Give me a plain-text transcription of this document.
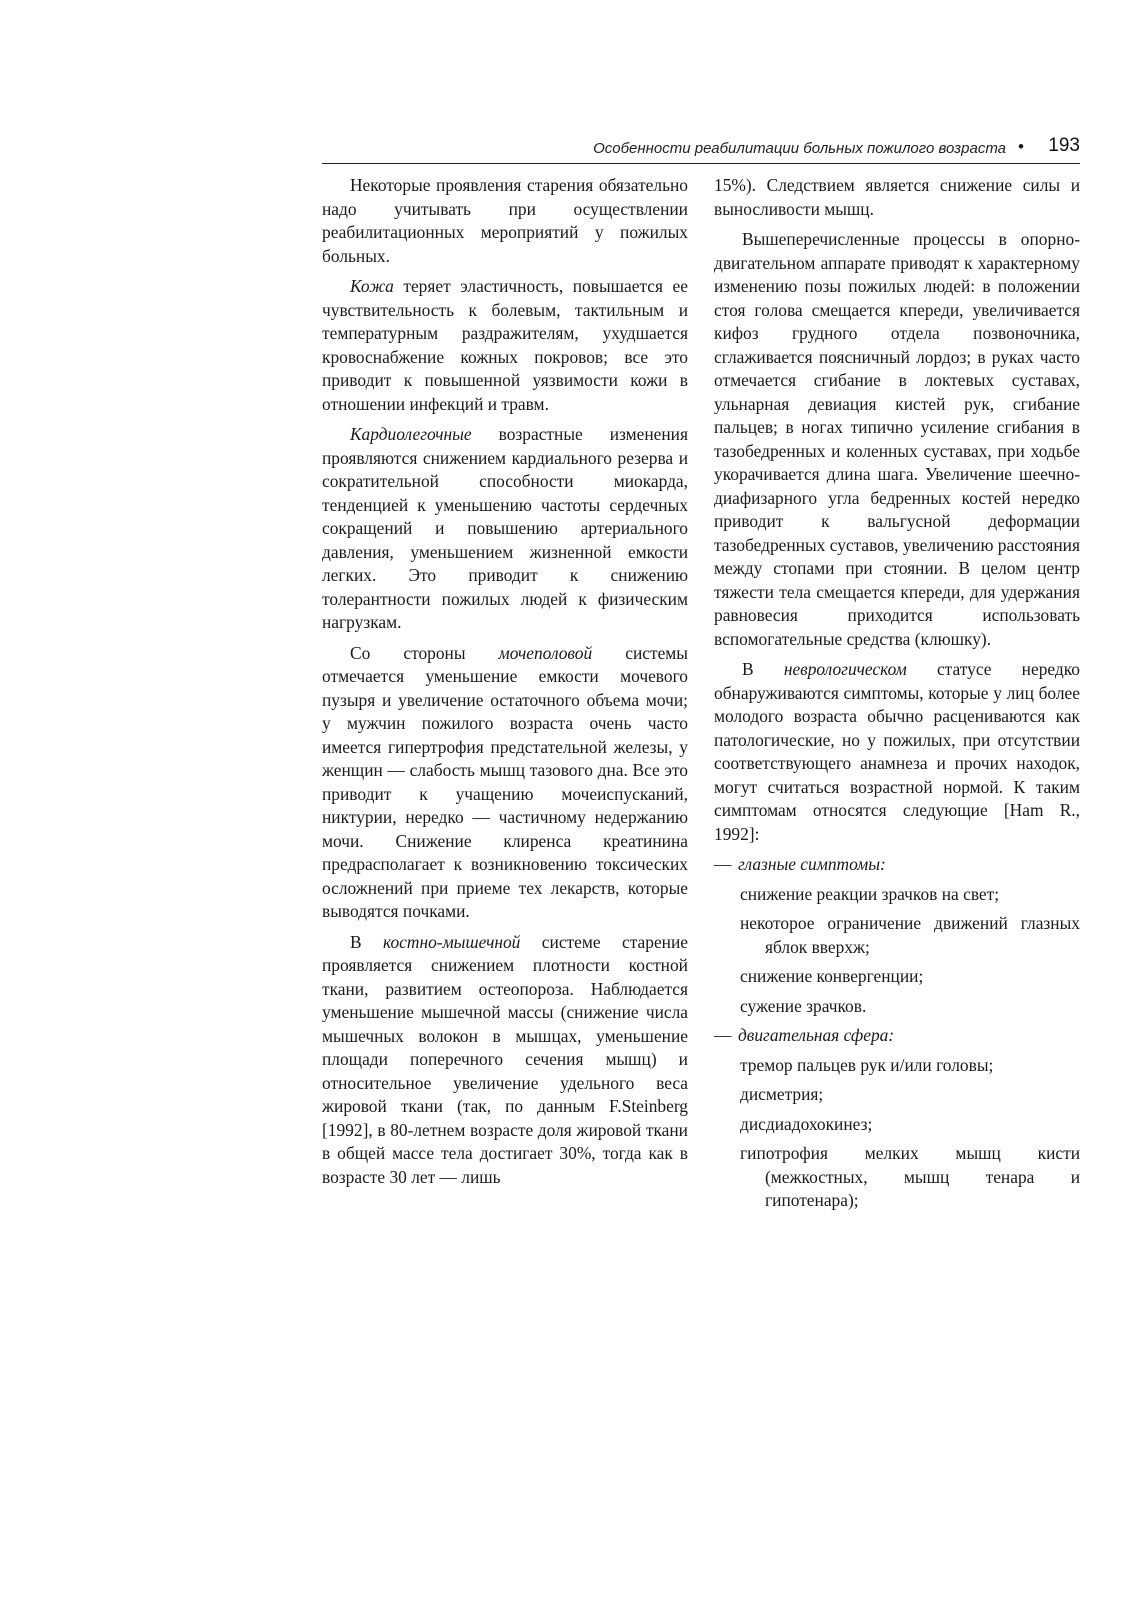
Особенности реабилитации больных пожилого возраста • 193

Некоторые проявления старения обязательно надо учитывать при осуществлении реабилитационных мероприятий у пожилых больных.

Кожа теряет эластичность, повышается ее чувствительность к болевым, тактильным и температурным раздражителям, ухудшается кровоснабжение кожных покровов; все это приводит к повышенной уязвимости кожи в отношении инфекций и травм.

Кардиолегочные возрастные изменения проявляются снижением кардиального резерва и сократительной способности миокарда, тенденцией к уменьшению частоты сердечных сокращений и повышению артериального давления, уменьшением жизненной емкости легких. Это приводит к снижению толерантности пожилых людей к физическим нагрузкам.

Со стороны мочеполовой системы отмечается уменьшение емкости мочевого пузыря и увеличение остаточного объема мочи; у мужчин пожилого возраста очень часто имеется гипертрофия предстательной железы, у женщин — слабость мышц тазового дна. Все это приводит к учащению мочеиспусканий, никтурии, нередко — частичному недержанию мочи. Снижение клиренса креатинина предрасполагает к возникновению токсических осложнений при приеме тех лекарств, которые выводятся почками.

В костно-мышечной системе старение проявляется снижением плотности костной ткани, развитием остеопороза. Наблюдается уменьшение мышечной массы (снижение числа мышечных волокон в мышцах, уменьшение площади поперечного сечения мышц) и относительное увеличение удельного веса жировой ткани (так, по данным F.Steinberg [1992], в 80-летнем возрасте доля жировой ткани в общей массе тела достигает 30%, тогда как в возрасте 30 лет — лишь

15%). Следствием является снижение силы и выносливости мышц.

Вышеперечисленные процессы в опорно-двигательном аппарате приводят к характерному изменению позы пожилых людей: в положении стоя голова смещается кпереди, увеличивается кифоз грудного отдела позвоночника, сглаживается поясничный лордоз; в руках часто отмечается сгибание в локтевых суставах, ульнарная девиация кистей рук, сгибание пальцев; в ногах типично усиление сгибания в тазобедренных и коленных суставах, при ходьбе укорачивается длина шага. Увеличение шеечно-диафизарного угла бедренных костей нередко приводит к вальгусной деформации тазобедренных суставов, увеличению расстояния между стопами при стоянии. В целом центр тяжести тела смещается кпереди, для удержания равновесия приходится использовать вспомогательные средства (клюшку).

В неврологическом статусе нередко обнаруживаются симптомы, которые у лиц более молодого возраста обычно расцениваются как патологические, но у пожилых, при отсутствии соответствующего анамнеза и прочих находок, могут считаться возрастной нормой. К таким симптомам относятся следующие [Ham R., 1992]:

— глазные симптомы:
снижение реакции зрачков на свет;
некоторое ограничение движений глазных яблок вверхж;
снижение конвергенции;
сужение зрачков.
— двигательная сфера:
тремор пальцев рук и/или головы;
дисметрия;
дисдиадохокинез;
гипотрофия мелких мышц кисти (межкостных, мышц тенара и гипотенара);
